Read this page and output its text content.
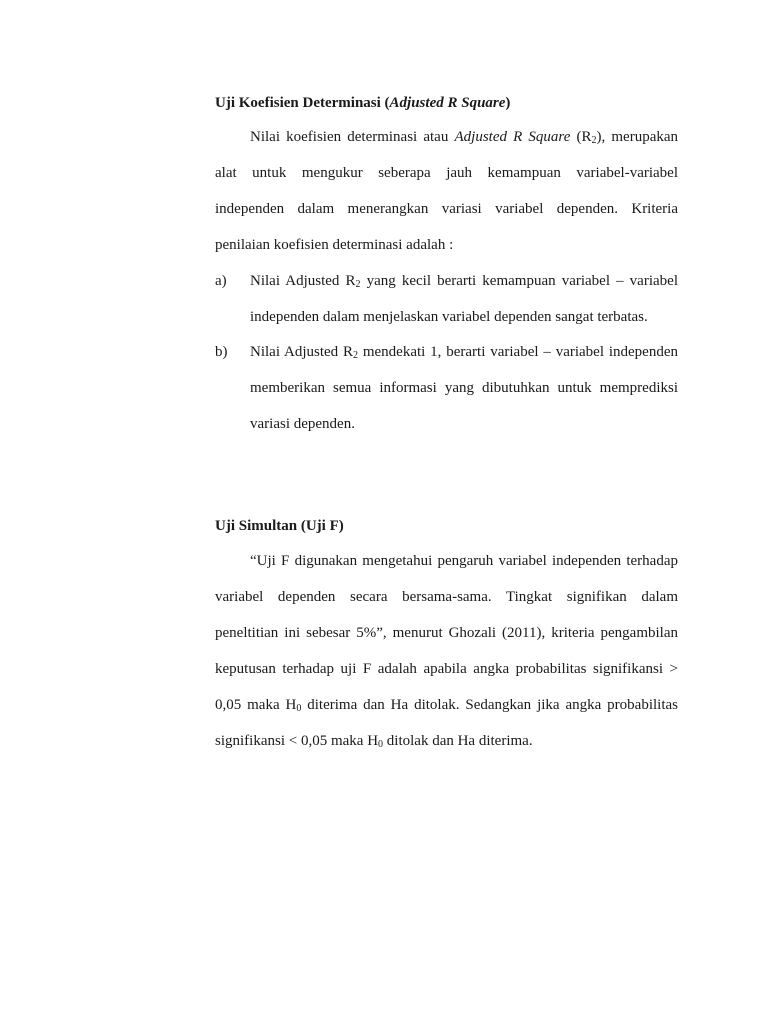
Uji Koefisien Determinasi (Adjusted R Square)
Nilai koefisien determinasi atau Adjusted R Square $(R_2)$, merupakan alat untuk mengukur seberapa jauh kemampuan variabel-variabel independen dalam menerangkan variasi variabel dependen. Kriteria penilaian koefisien determinasi adalah :
a) Nilai Adjusted $R_2$ yang kecil berarti kemampuan variabel – variabel independen dalam menjelaskan variabel dependen sangat terbatas.
b) Nilai Adjusted $R_2$ mendekati 1, berarti variabel – variabel independen memberikan semua informasi yang dibutuhkan untuk memprediksi variasi dependen.
Uji Simultan (Uji F)
“Uji F digunakan mengetahui pengaruh variabel independen terhadap variabel dependen secara bersama-sama. Tingkat signifikan dalam peneltitian ini sebesar 5%”, menurut Ghozali (2011), kriteria pengambilan keputusan terhadap uji F adalah apabila angka probabilitas signifikansi > 0,05 maka $H_0$ diterima dan Ha ditolak. Sedangkan jika angka probabilitas signifikansi < 0,05 maka $H_0$ ditolak dan Ha diterima.
